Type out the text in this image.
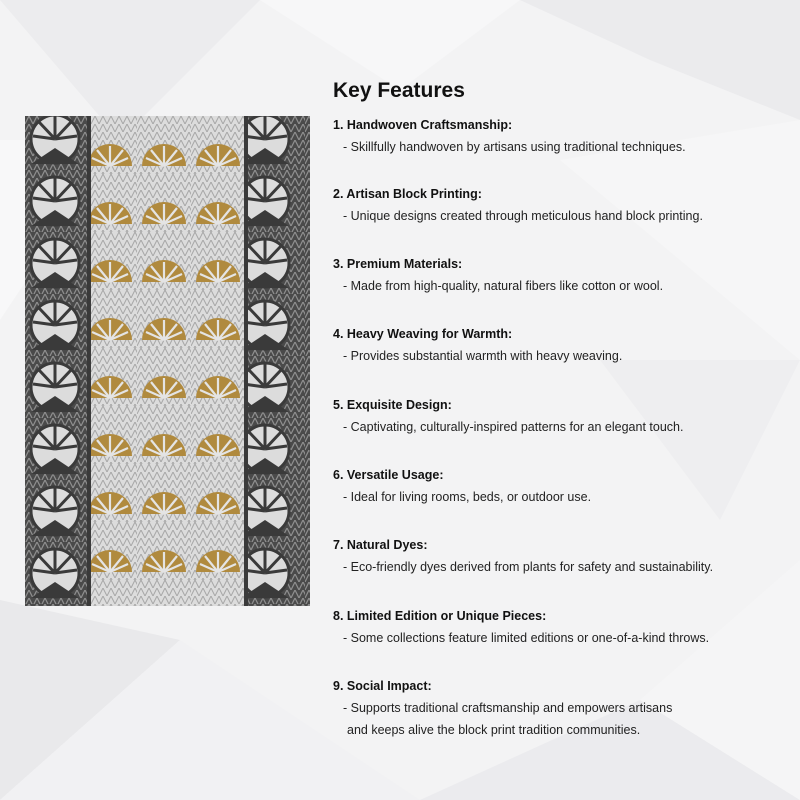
Key Features
1. Handwoven Craftsmanship:
- Skillfully handwoven by artisans using traditional techniques.
2. Artisan Block Printing:
- Unique designs created through meticulous hand block printing.
3. Premium Materials:
- Made from high-quality, natural fibers like cotton or wool.
4. Heavy Weaving for Warmth:
- Provides substantial warmth with heavy weaving.
5. Exquisite Design:
- Captivating, culturally-inspired patterns for an elegant touch.
6. Versatile Usage:
- Ideal for living rooms, beds, or outdoor use.
7. Natural Dyes:
- Eco-friendly dyes derived from plants for safety and sustainability.
8. Limited Edition or Unique Pieces:
- Some collections feature limited editions or one-of-a-kind throws.
9. Social Impact:
- Supports traditional craftsmanship and empowers artisans
and keeps alive the block print tradition communities.
